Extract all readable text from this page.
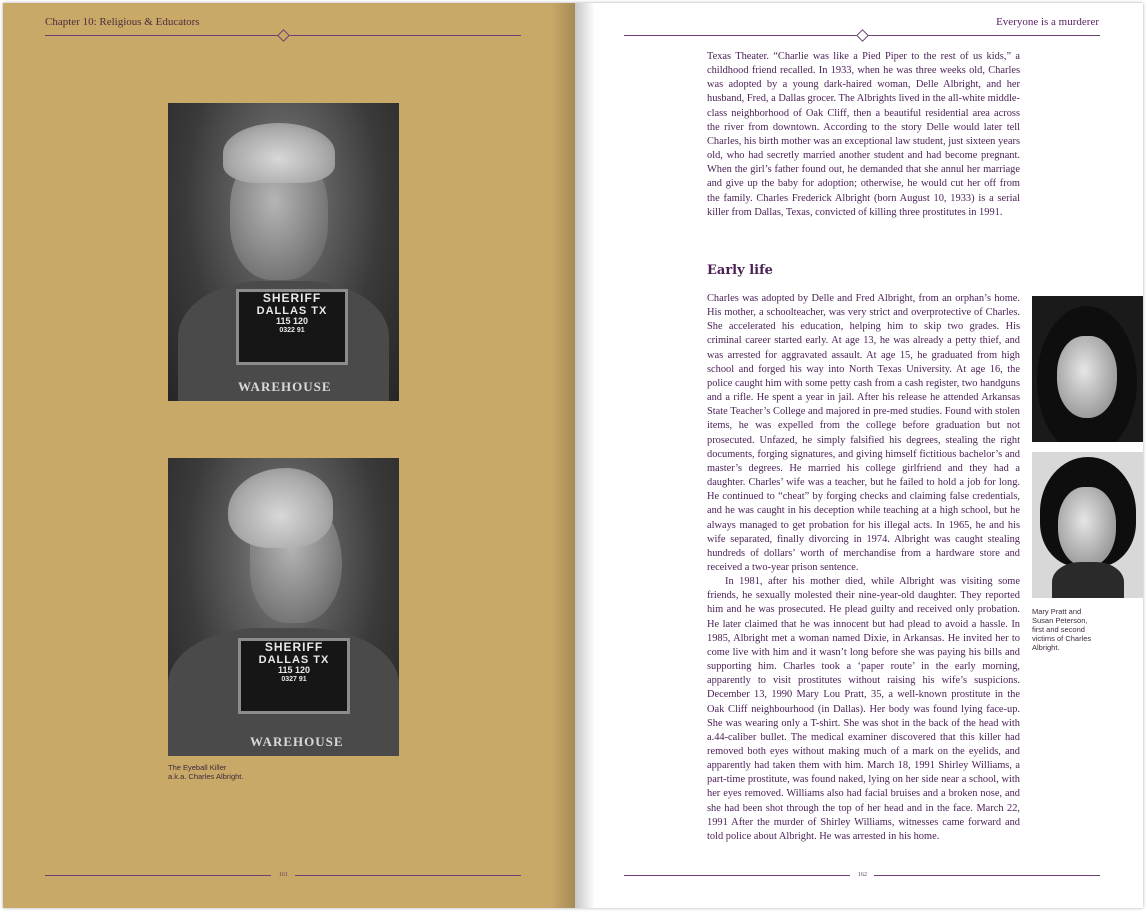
Chapter 10: Religious & Educators
SHERIFF
DALLAS TX
115 120
0322 91
WAREHOUSE
SHERIFF
DALLAS TX
115 120
0327 91
WAREHOUSE
The Eyeball Killer
a.k.a. Charles Albright.
161
Everyone is a murderer

Texas Theater. “Charlie was like a Pied Piper to the rest of us kids,” a childhood friend recalled. In 1933, when he was three weeks old, Charles was adopted by a young dark-haired woman, Delle Albright, and her husband, Fred, a Dallas grocer. The Albrights lived in the all-white middle-class neighborhood of Oak Cliff, then a beautiful residential area across the river from downtown. According to the story Delle would later tell Charles, his birth mother was an exceptional law student, just sixteen years old, who had secretly married another student and had become pregnant. When the girl’s father found out, he demanded that she annul her marriage and give up the baby for adoption; otherwise, he would cut her off from the family. Charles Frederick Albright (born August 10, 1933) is a serial killer from Dallas, Texas, convicted of killing three prostitutes in 1991.

Early life

Charles was adopted by Delle and Fred Albright, from an orphan’s home. His mother, a schoolteacher, was very strict and overprotective of Charles. She accelerated his education, helping him to skip two grades. His criminal career started early. At age 13, he was already a petty thief, and was arrested for aggravated assault. At age 15, he graduated from high school and forged his way into North Texas University. At age 16, the police caught him with some petty cash from a cash register, two handguns and a rifle. He spent a year in jail. After his release he attended Arkansas State Teacher’s College and majored in pre-med studies. Found with stolen items, he was expelled from the college before graduation but not prosecuted. Unfazed, he simply falsified his degrees, stealing the right documents, forging signatures, and giving himself fictitious bachelor’s and master’s degrees. He married his college girlfriend and they had a daughter. Charles’ wife was a teacher, but he failed to hold a job for long. He continued to “cheat” by forging checks and claiming false credentials, and he was caught in his deception while teaching at a high school, but he always managed to get probation for his illegal acts. In 1965, he and his wife separated, finally divorcing in 1974. Albright was caught stealing hundreds of dollars’ worth of merchandise from a hardware store and received a two-year prison sentence.

In 1981, after his mother died, while Albright was visiting some friends, he sexually molested their nine-year-old daughter. They reported him and he was prosecuted. He plead guilty and received only probation. He later claimed that he was innocent but had plead to avoid a hassle. In 1985, Albright met a woman named Dixie, in Arkansas. He invited her to come live with him and it wasn’t long before she was paying his bills and supporting him. Charles took a ‘paper route’ in the early morning, apparently to visit prostitutes without raising his wife’s suspicions. December 13, 1990 Mary Lou Pratt, 35, a well-known prostitute in the Oak Cliff neighbourhood (in Dallas). Her body was found lying face-up. She was wearing only a T-shirt. She was shot in the back of the head with a.44-caliber bullet. The medical examiner discovered that this killer had removed both eyes without making much of a mark on the eyelids, and apparently had taken them with him. March 18, 1991 Shirley Williams, a part-time prostitute, was found naked, lying on her side near a school, with her eyes removed. Williams also had facial bruises and a broken nose, and she had been shot through the top of her head and in the face. March 22, 1991 After the murder of Shirley Williams, witnesses came forward and told police about Albright. He was arrested in his home.

Mary Pratt and
Susan Peterson,
first and second
victims of Charles
Albright.
162
